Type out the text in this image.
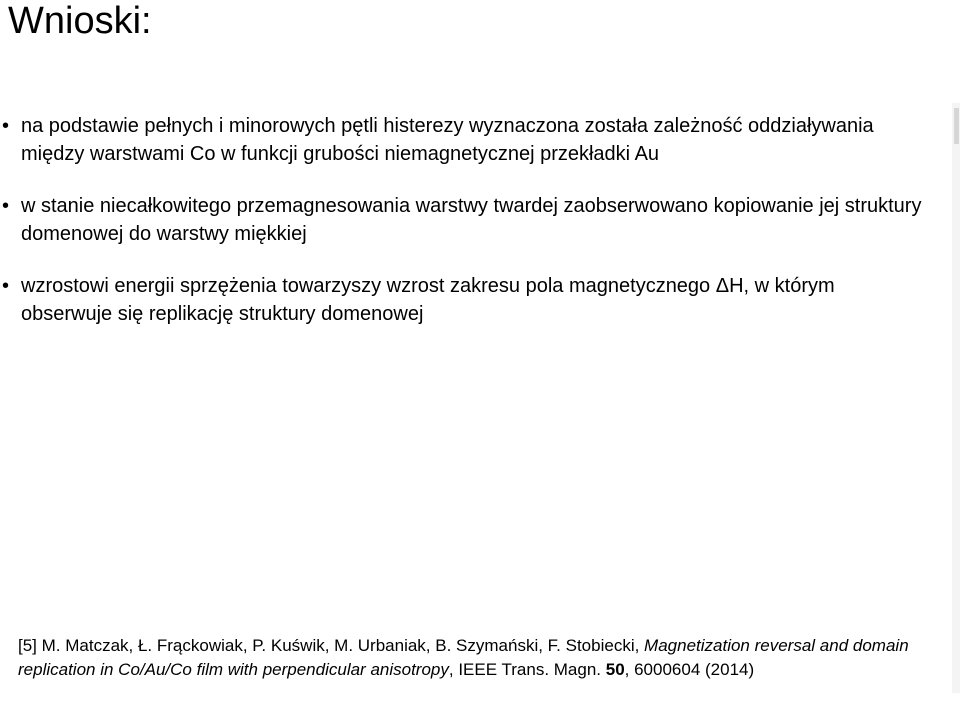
Wnioski:
• na podstawie pełnych i minorowych pętli histerezy wyznaczona została zależność oddziaływania między warstwami Co w funkcji grubości niemagnetycznej przekładki Au
• w stanie niecałkowitego przemagnesowania warstwy twardej zaobserwowano kopiowanie jej struktury domenowej do warstwy miękkiej
• wzrostowi energii sprzężenia towarzyszy wzrost zakresu pola magnetycznego ΔH, w którym obserwuje się replikację struktury domenowej
[5] M. Matczak, Ł. Frąckowiak, P. Kuświk, M. Urbaniak, B. Szymański, F. Stobiecki, Magnetization reversal and domain replication in Co/Au/Co film with perpendicular anisotropy, IEEE Trans. Magn. 50, 6000604 (2014)
